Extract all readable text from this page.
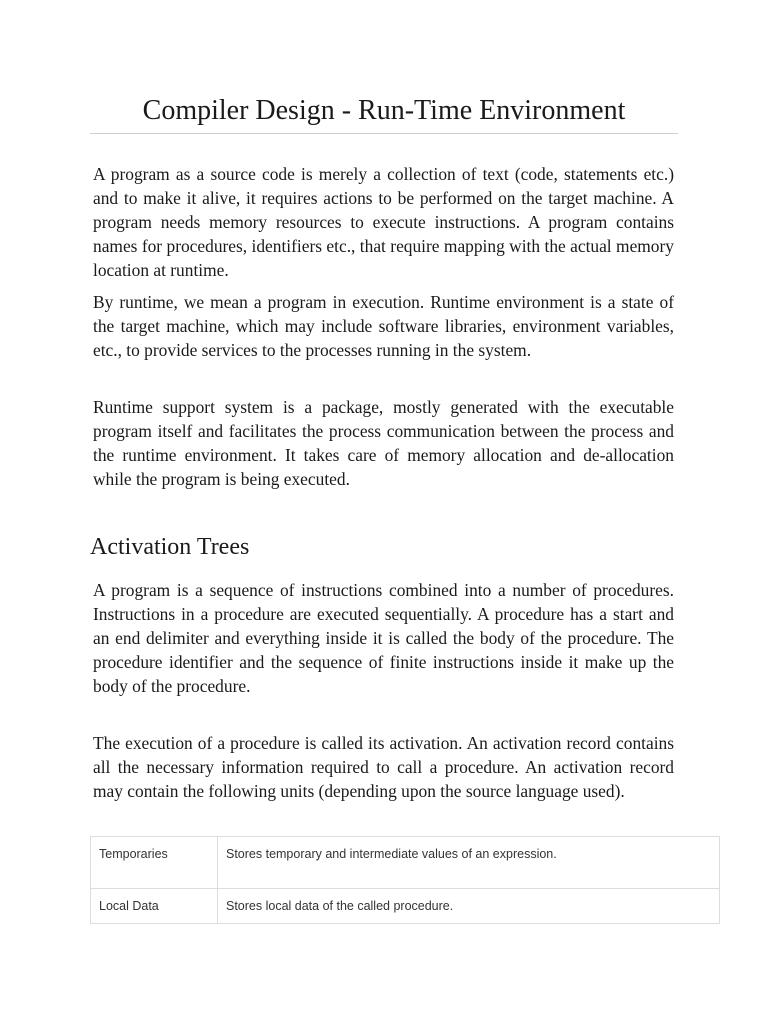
Compiler Design - Run-Time Environment

A program as a source code is merely a collection of text (code, statements etc.) and to make it alive, it requires actions to be performed on the target machine. A program needs memory resources to execute instructions. A program contains names for procedures, identifiers etc., that require mapping with the actual memory location at runtime.

By runtime, we mean a program in execution. Runtime environment is a state of the target machine, which may include software libraries, environment variables, etc., to provide services to the processes running in the system.

Runtime support system is a package, mostly generated with the executable program itself and facilitates the process communication between the process and the runtime environment. It takes care of memory allocation and de-allocation while the program is being executed.

Activation Trees

A program is a sequence of instructions combined into a number of procedures. Instructions in a procedure are executed sequentially. A procedure has a start and an end delimiter and everything inside it is called the body of the procedure. The procedure identifier and the sequence of finite instructions inside it make up the body of the procedure.

The execution of a procedure is called its activation. An activation record contains all the necessary information required to call a procedure. An activation record may contain the following units (depending upon the source language used).

Temporaries	Stores temporary and intermediate values of an expression.
Local Data	Stores local data of the called procedure.
